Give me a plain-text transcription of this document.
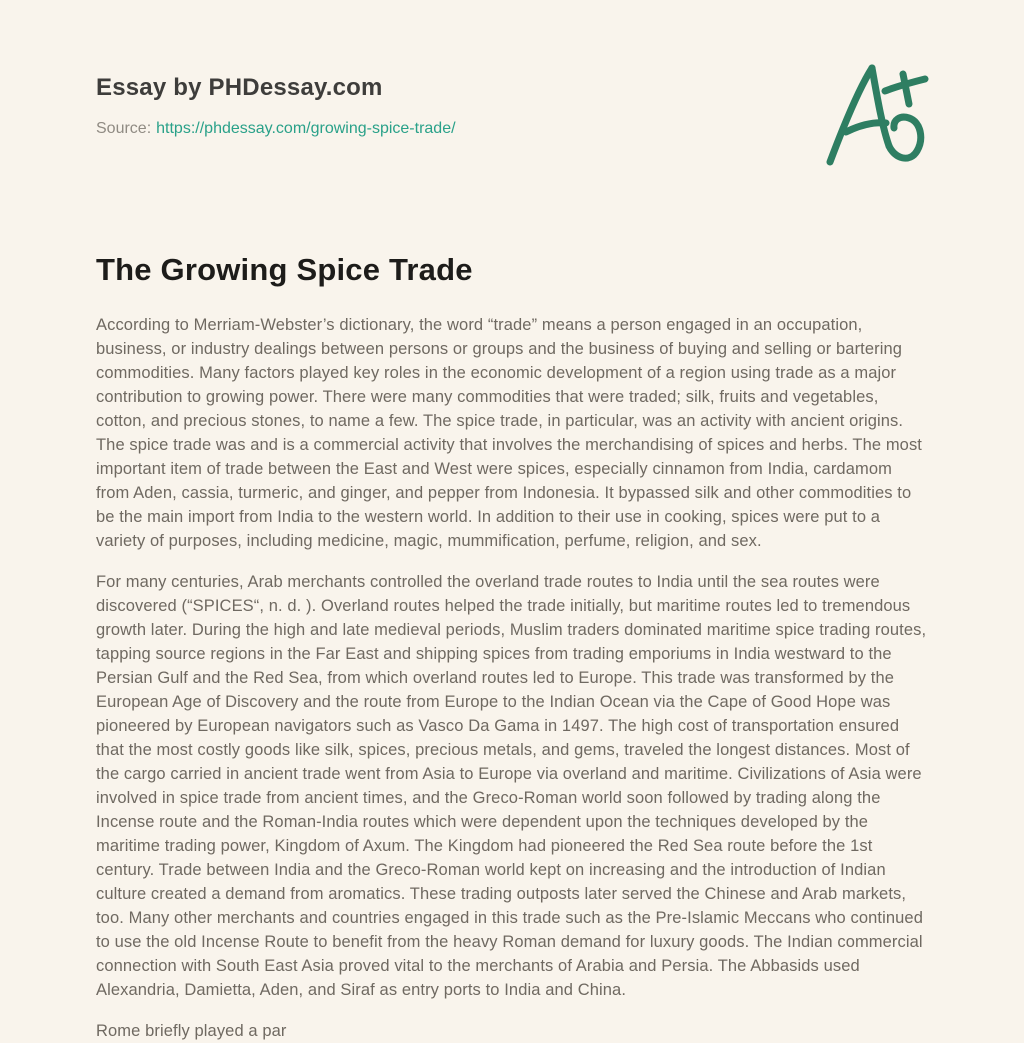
Essay by PHDessay.com
Source: https://phdessay.com/growing-spice-trade/
The Growing Spice Trade

According to Merriam-Webster’s dictionary, the word “trade” means a person engaged in an occupation, business, or industry dealings between persons or groups and the business of buying and selling or bartering commodities. Many factors played key roles in the economic development of a region using trade as a major contribution to growing power. There were many commodities that were traded; silk, fruits and vegetables, cotton, and precious stones, to name a few. The spice trade, in particular, was an activity with ancient origins. The spice trade was and is a commercial activity that involves the merchandising of spices and herbs. The most important item of trade between the East and West were spices, especially cinnamon from India, cardamom from Aden, cassia, turmeric, and ginger, and pepper from Indonesia. It bypassed silk and other commodities to be the main import from India to the western world. In addition to their use in cooking, spices were put to a variety of purposes, including medicine, magic, mummification, perfume, religion, and sex.

For many centuries, Arab merchants controlled the overland trade routes to India until the sea routes were discovered (“SPICES“, n. d. ). Overland routes helped the trade initially, but maritime routes led to tremendous growth later. During the high and late medieval periods, Muslim traders dominated maritime spice trading routes, tapping source regions in the Far East and shipping spices from trading emporiums in India westward to the Persian Gulf and the Red Sea, from which overland routes led to Europe. This trade was transformed by the European Age of Discovery and the route from Europe to the Indian Ocean via the Cape of Good Hope was pioneered by European navigators such as Vasco Da Gama in 1497. The high cost of transportation ensured that the most costly goods like silk, spices, precious metals, and gems, traveled the longest distances. Most of the cargo carried in ancient trade went from Asia to Europe via overland and maritime. Civilizations of Asia were involved in spice trade from ancient times, and the Greco-Roman world soon followed by trading along the Incense route and the Roman-India routes which were dependent upon the techniques developed by the maritime trading power, Kingdom of Axum. The Kingdom had pioneered the Red Sea route before the 1st century. Trade between India and the Greco-Roman world kept on increasing and the introduction of Indian culture created a demand from aromatics. These trading outposts later served the Chinese and Arab markets, too. Many other merchants and countries engaged in this trade such as the Pre-Islamic Meccans who continued to use the old Incense Route to benefit from the heavy Roman demand for luxury goods. The Indian commercial connection with South East Asia proved vital to the merchants of Arabia and Persia. The Abbasids used Alexandria, Damietta, Aden, and Siraf as entry ports to India and China.

Rome briefly played a par
